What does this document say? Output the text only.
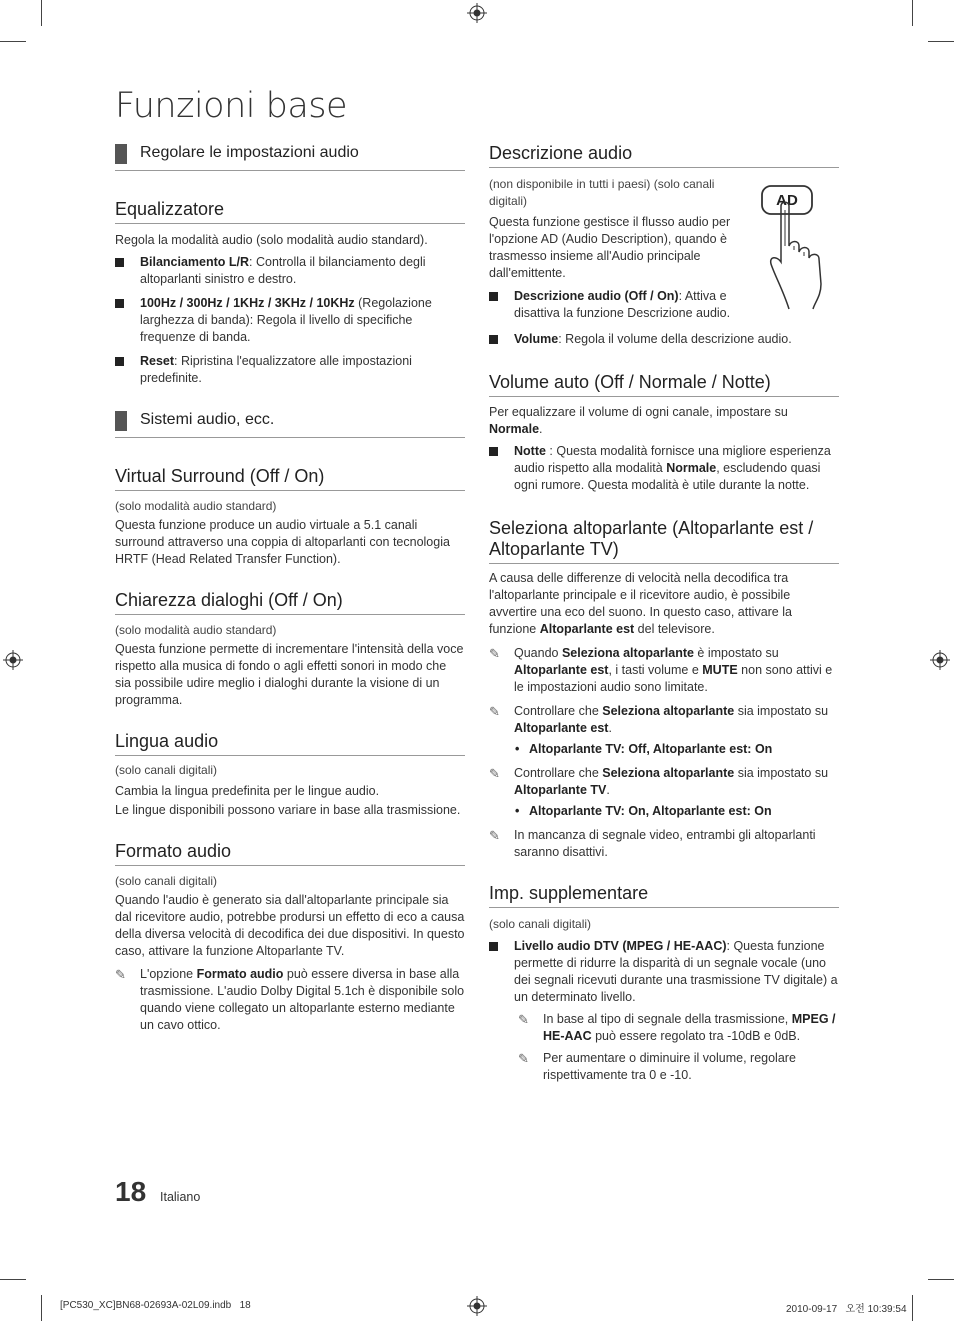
Funzioni base
Regolare le impostazioni audio
Equalizzatore

Regola la modalità audio (solo modalità audio standard).

Bilanciamento L/R: Controlla il bilanciamento degli altoparlanti sinistro e destro.
100Hz / 300Hz / 1KHz / 3KHz / 10KHz (Regolazione larghezza di banda): Regola il livello di specifiche frequenze di banda.
Reset: Ripristina l'equalizzatore alle impostazioni predefinite.
Sistemi audio, ecc.
Virtual Surround (Off / On)

(solo modalità audio standard)

Questa funzione produce un audio virtuale a 5.1 canali surround attraverso una coppia di altoparlanti con tecnologia HRTF (Head Related Transfer Function).

Chiarezza dialoghi (Off / On)

(solo modalità audio standard)

Questa funzione permette di incrementare l'intensità della voce rispetto alla musica di fondo o agli effetti sonori in modo che sia possibile udire meglio i dialoghi durante la visione di un programma.

Lingua audio

(solo canali digitali)

Cambia la lingua predefinita per le lingue audio.

Le lingue disponibili possono variare in base alla trasmissione.

Formato audio

(solo canali digitali)

Quando l'audio è generato sia dall'altoparlante principale sia dal ricevitore audio, potrebbe prodursi un effetto di eco a causa della diversa velocità di decodifica dei due dispositivi. In questo caso, attivare la funzione Altoparlante TV.

✎ L'opzione Formato audio può essere diversa in base alla trasmissione. L'audio Dolby Digital 5.1ch è disponibile solo quando viene collegato un altoparlante esterno mediante un cavo ottico.
Descrizione audio

(non disponibile in tutti i paesi) (solo canali digitali)

Questa funzione gestisce il flusso audio per l'opzione AD (Audio Description), quando è trasmesso insieme all'Audio principale dall'emittente.

Descrizione audio (Off / On): Attiva e disattiva la funzione Descrizione audio.
AD
Volume: Regola il volume della descrizione audio.
Volume auto (Off / Normale / Notte)

Per equalizzare il volume di ogni canale, impostare su Normale.

Notte : Questa modalità fornisce una migliore esperienza audio rispetto alla modalità Normale, escludendo quasi ogni rumore. Questa modalità è utile durante la notte.
Seleziona altoparlante (Altoparlante est / Altoparlante TV)

A causa delle differenze di velocità nella decodifica tra l'altoparlante principale e il ricevitore audio, è possibile avvertire una eco del suono. In questo caso, attivare la funzione Altoparlante est del televisore.

✎ Quando Seleziona altoparlante è impostato su Altoparlante est, i tasti volume e MUTE non sono attivi e le impostazioni audio sono limitate.
✎ Controllare che Seleziona altoparlante sia impostato su Altoparlante est.
• Altoparlante TV: Off, Altoparlante est: On
✎ Controllare che Seleziona altoparlante sia impostato su Altoparlante TV.
• Altoparlante TV: On, Altoparlante est: On
✎ In mancanza di segnale video, entrambi gli altoparlanti saranno disattivi.
Imp. supplementare

(solo canali digitali)

Livello audio DTV (MPEG / HE-AAC): Questa funzione permette di ridurre la disparità di un segnale vocale (uno dei segnali ricevuti durante una trasmissione TV digitale) a un determinato livello.
✎ In base al tipo di segnale della trasmissione, MPEG / HE-AAC può essere regolato tra -10dB e 0dB.
✎ Per aumentare o diminuire il volume, regolare rispettivamente tra 0 e -10.
18 Italiano
[PC530_XC]BN68-02693A-02L09.indb   18	2010-09-17   오전 10:39:54
